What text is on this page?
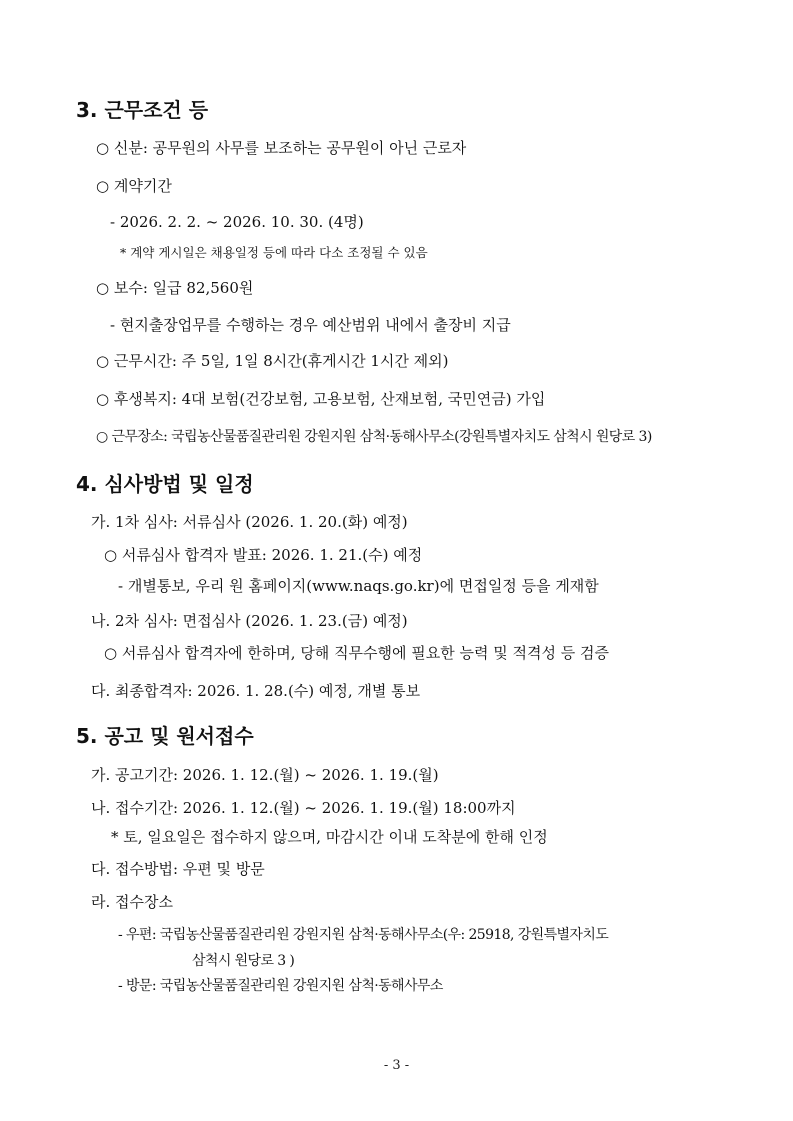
3. 근무조건 등

○ 신분: 공무원의 사무를 보조하는 공무원이 아닌 근로자

○ 계약기간

- 2026. 2. 2. ~ 2026. 10. 30. (4명)

* 계약 게시일은 채용일정 등에 따라 다소 조정될 수 있음

○ 보수: 일급 82,560원

- 현지출장업무를 수행하는 경우 예산범위 내에서 출장비 지급

○ 근무시간: 주 5일, 1일 8시간(휴게시간 1시간 제외)

○ 후생복지: 4대 보험(건강보험, 고용보험, 산재보험, 국민연금) 가입

○ 근무장소: 국립농산물품질관리원 강원지원 삼척·동해사무소(강원특별자치도 삼척시 원당로 3)

4. 심사방법 및 일정

가. 1차 심사: 서류심사 (2026. 1. 20.(화) 예정)

○ 서류심사 합격자 발표: 2026. 1. 21.(수) 예정

- 개별통보, 우리 원 홈페이지(www.naqs.go.kr)에 면접일정 등을 게재함

나. 2차 심사: 면접심사 (2026. 1. 23.(금) 예정)

○ 서류심사 합격자에 한하며, 당해 직무수행에 필요한 능력 및 적격성 등 검증

다. 최종합격자: 2026. 1. 28.(수) 예정, 개별 통보

5. 공고 및 원서접수

가. 공고기간: 2026. 1. 12.(월) ~ 2026. 1. 19.(월)

나. 접수기간: 2026. 1. 12.(월) ~ 2026. 1. 19.(월) 18:00까지

* 토, 일요일은 접수하지 않으며, 마감시간 이내 도착분에 한해 인정

다. 접수방법: 우편 및 방문

라. 접수장소

- 우편: 국립농산물품질관리원 강원지원 삼척·동해사무소(우: 25918, 강원특별자치도

삼척시 원당로 3 )

- 방문: 국립농산물품질관리원 강원지원 삼척·동해사무소

- 3 -
